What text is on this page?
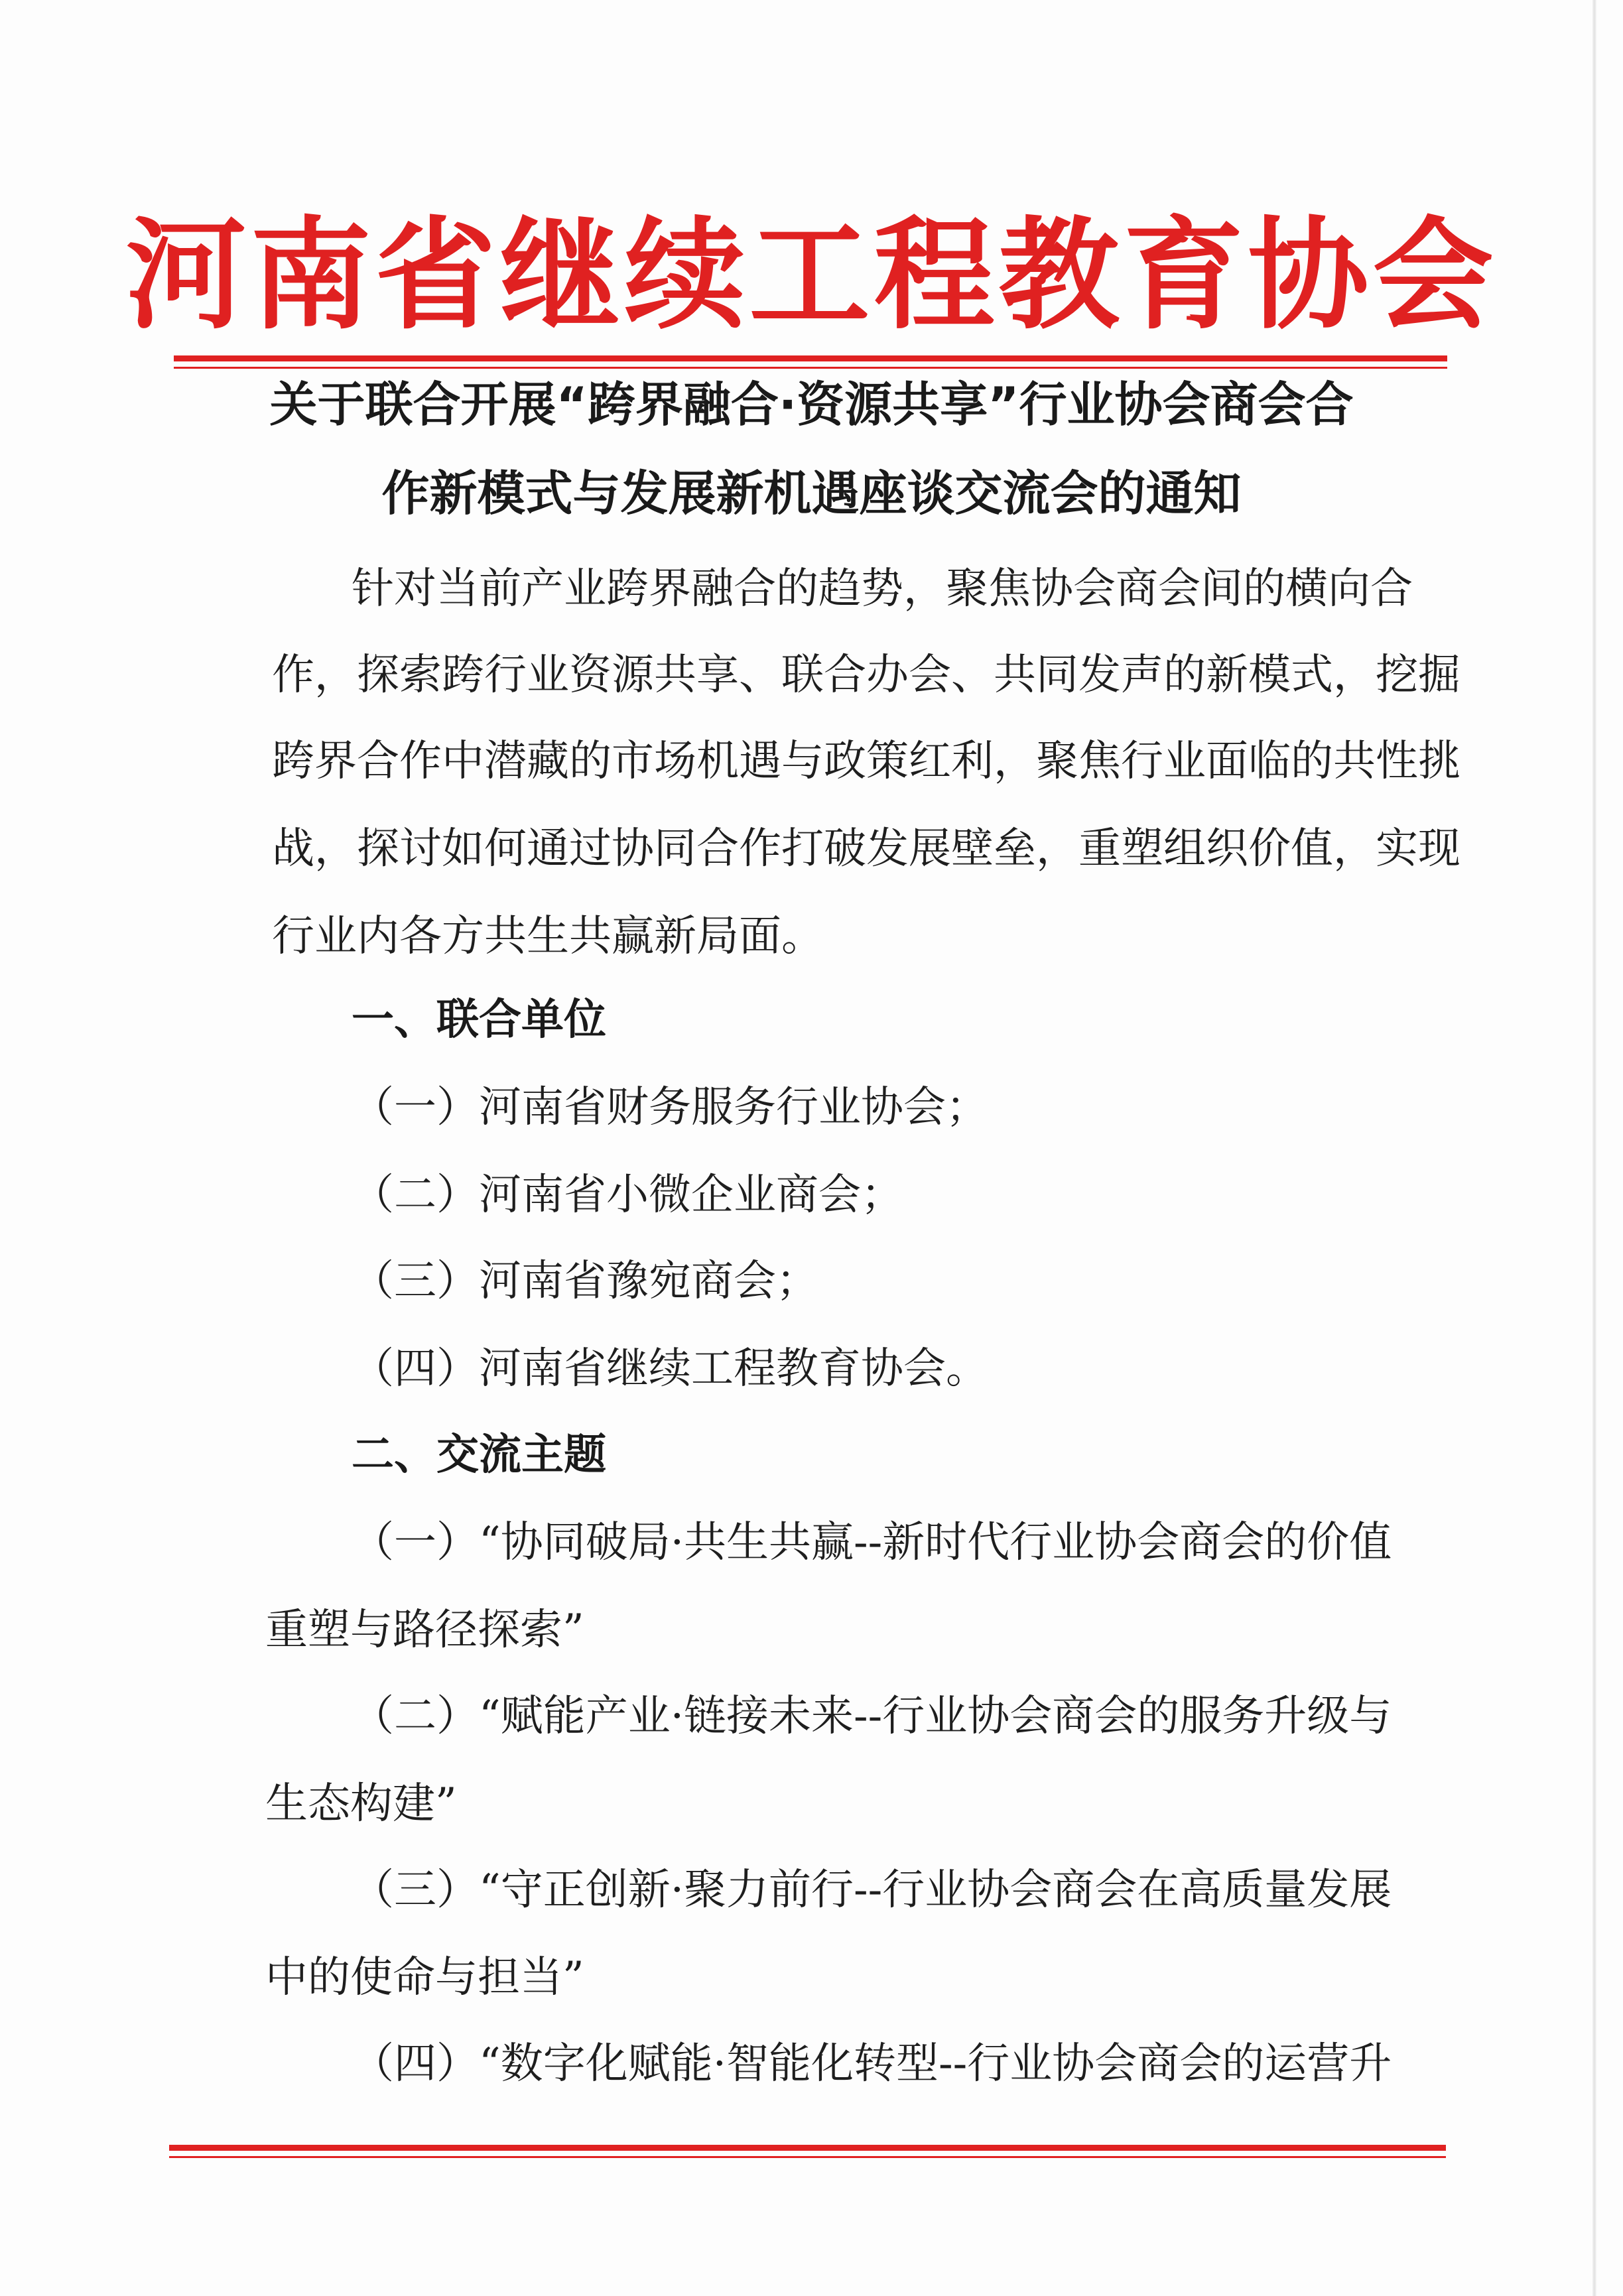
河南省继续工程教育协会
关于联合开展“跨界融合·资源共享”行业协会商会合
作新模式与发展新机遇座谈交流会的通知
针对当前产业跨界融合的趋势，聚焦协会商会间的横向合
作，探索跨行业资源共享、联合办会、共同发声的新模式，挖掘
跨界合作中潜藏的市场机遇与政策红利，聚焦行业面临的共性挑
战，探讨如何通过协同合作打破发展壁垒，重塑组织价值，实现
行业内各方共生共赢新局面。
一、联合单位
（一）河南省财务服务行业协会；
（二）河南省小微企业商会；
（三）河南省豫宛商会；
（四）河南省继续工程教育协会。
二、交流主题
（一）“协同破局·共生共赢--新时代行业协会商会的价值
重塑与路径探索”
（二）“赋能产业·链接未来--行业协会商会的服务升级与
生态构建”
（三）“守正创新·聚力前行--行业协会商会在高质量发展
中的使命与担当”
（四）“数字化赋能·智能化转型--行业协会商会的运营升
